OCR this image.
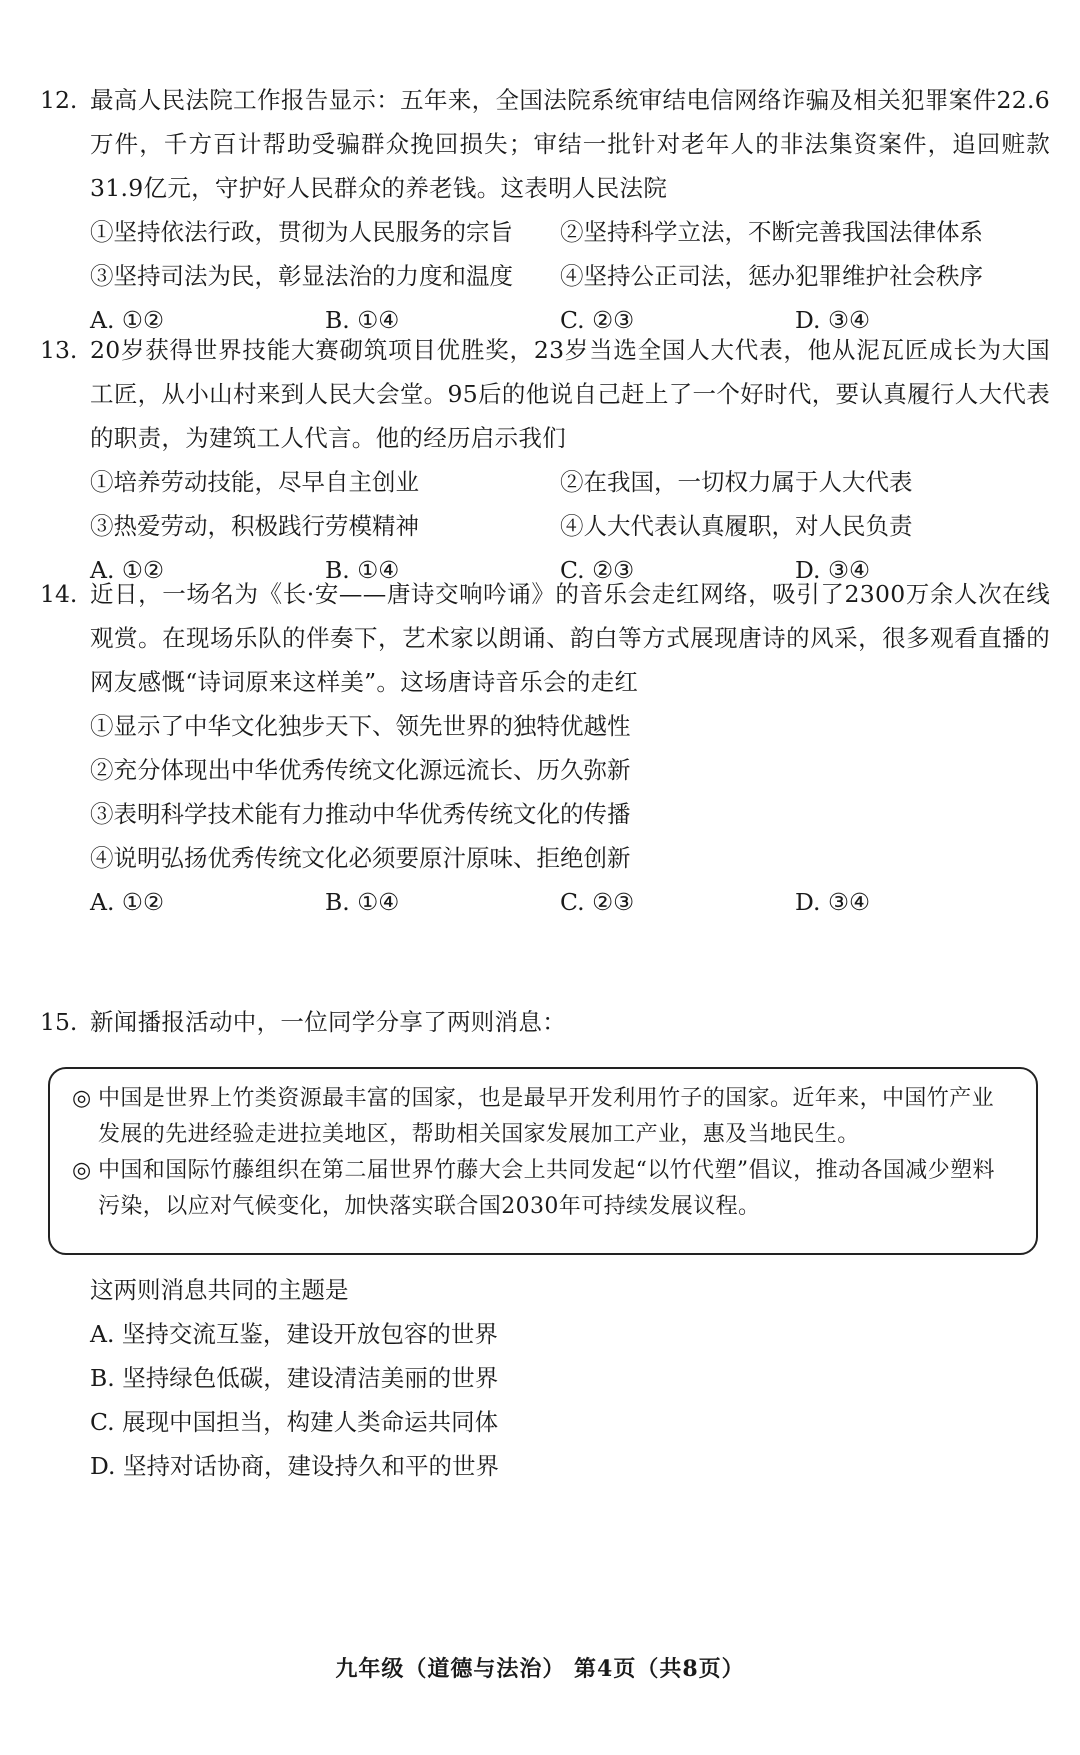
12. 最高人民法院工作报告显示：五年来，全国法院系统审结电信网络诈骗及相关犯罪案件22.6万件，千方百计帮助受骗群众挽回损失；审结一批针对老年人的非法集资案件，追回赃款31.9亿元，守护好人民群众的养老钱。这表明人民法院
①坚持依法行政，贯彻为人民服务的宗旨	②坚持科学立法，不断完善我国法律体系
③坚持司法为民，彰显法治的力度和温度	④坚持公正司法，惩办犯罪维护社会秩序
A. ①②	B. ①④	C. ②③	D. ③④
13. 20岁获得世界技能大赛砌筑项目优胜奖，23岁当选全国人大代表，他从泥瓦匠成长为大国工匠，从小山村来到人民大会堂。95后的他说自己赶上了一个好时代，要认真履行人大代表的职责，为建筑工人代言。他的经历启示我们
①培养劳动技能，尽早自主创业	②在我国，一切权力属于人大代表
③热爱劳动，积极践行劳模精神	④人大代表认真履职，对人民负责
A. ①②	B. ①④	C. ②③	D. ③④
14. 近日，一场名为《长·安——唐诗交响吟诵》的音乐会走红网络，吸引了2300万余人次在线观赏。在现场乐队的伴奏下，艺术家以朗诵、韵白等方式展现唐诗的风采，很多观看直播的网友感慨“诗词原来这样美”。这场唐诗音乐会的走红
①显示了中华文化独步天下、领先世界的独特优越性
②充分体现出中华优秀传统文化源远流长、历久弥新
③表明科学技术能有力推动中华优秀传统文化的传播
④说明弘扬优秀传统文化必须要原汁原味、拒绝创新
A. ①②	B. ①④	C. ②③	D. ③④
15. 新闻播报活动中，一位同学分享了两则消息：
◎ 中国是世界上竹类资源最丰富的国家，也是最早开发利用竹子的国家。近年来，中国竹产业发展的先进经验走进拉美地区，帮助相关国家发展加工产业，惠及当地民生。
◎ 中国和国际竹藤组织在第二届世界竹藤大会上共同发起“以竹代塑”倡议，推动各国减少塑料污染，以应对气候变化，加快落实联合国2030年可持续发展议程。
这两则消息共同的主题是
A. 坚持交流互鉴，建设开放包容的世界
B. 坚持绿色低碳，建设清洁美丽的世界
C. 展现中国担当，构建人类命运共同体
D. 坚持对话协商，建设持久和平的世界
九年级（道德与法治） 第4页（共8页）
